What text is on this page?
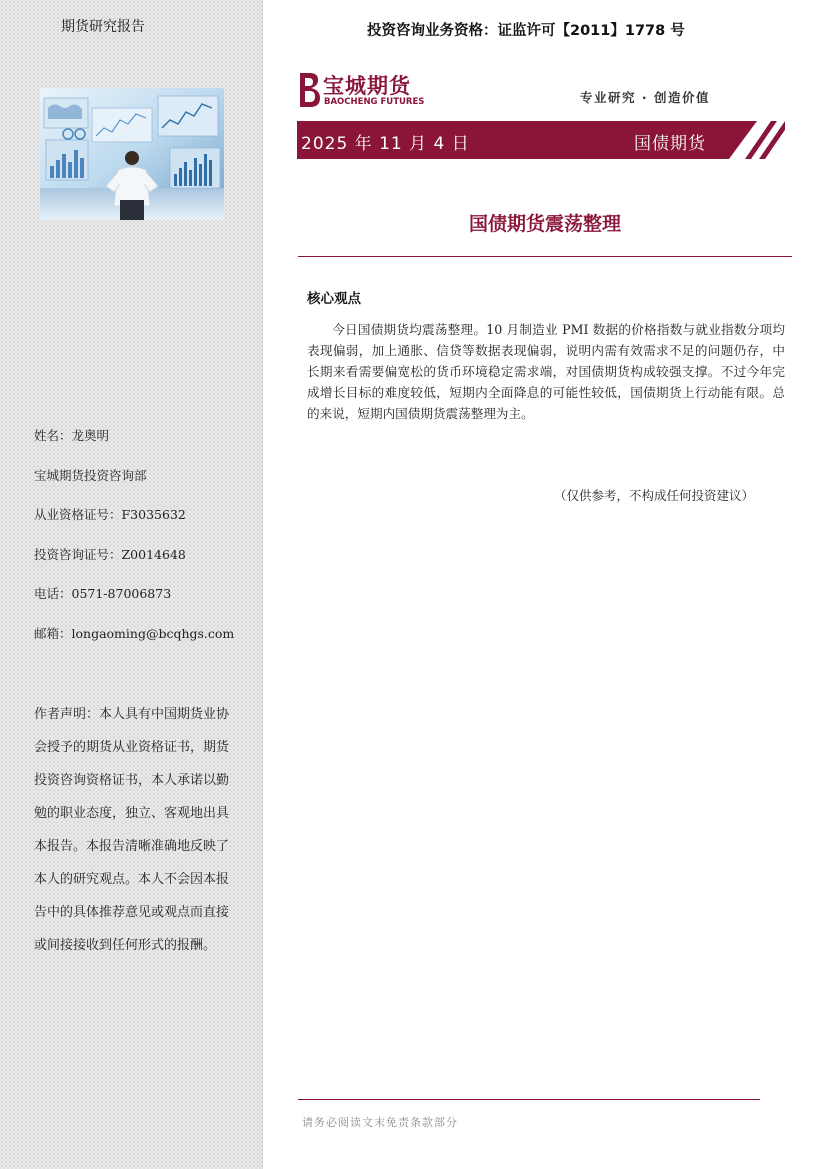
期货研究报告
姓名：龙奥明
宝城期货投资咨询部
从业资格证号：F3035632
投资咨询证号：Z0014648
电话：0571-87006873
邮箱：longaoming@bcqhgs.com
作者声明：本人具有中国期货业协会授予的期货从业资格证书，期货投资咨询资格证书，本人承诺以勤勉的职业态度，独立、客观地出具本报告。本报告清晰准确地反映了本人的研究观点。本人不会因本报告中的具体推荐意见或观点而直接或间接接收到任何形式的报酬。
投资咨询业务资格：证监许可【2011】1778 号
宝城期货
BAOCHENG FUTURES	专业研究 · 创造价值
2025 年 11 月 4 日	国债期货
国债期货震荡整理
核心观点
今日国债期货均震荡整理。10 月制造业 PMI 数据的价格指数与就业指数分项均表现偏弱，加上通胀、信贷等数据表现偏弱，说明内需有效需求不足的问题仍存，中长期来看需要偏宽松的货币环境稳定需求端，对国债期货构成较强支撑。不过今年完成增长目标的难度较低，短期内全面降息的可能性较低，国债期货上行动能有限。总的来说，短期内国债期货震荡整理为主。
（仅供参考，不构成任何投资建议）
请务必阅读文末免责条款部分
